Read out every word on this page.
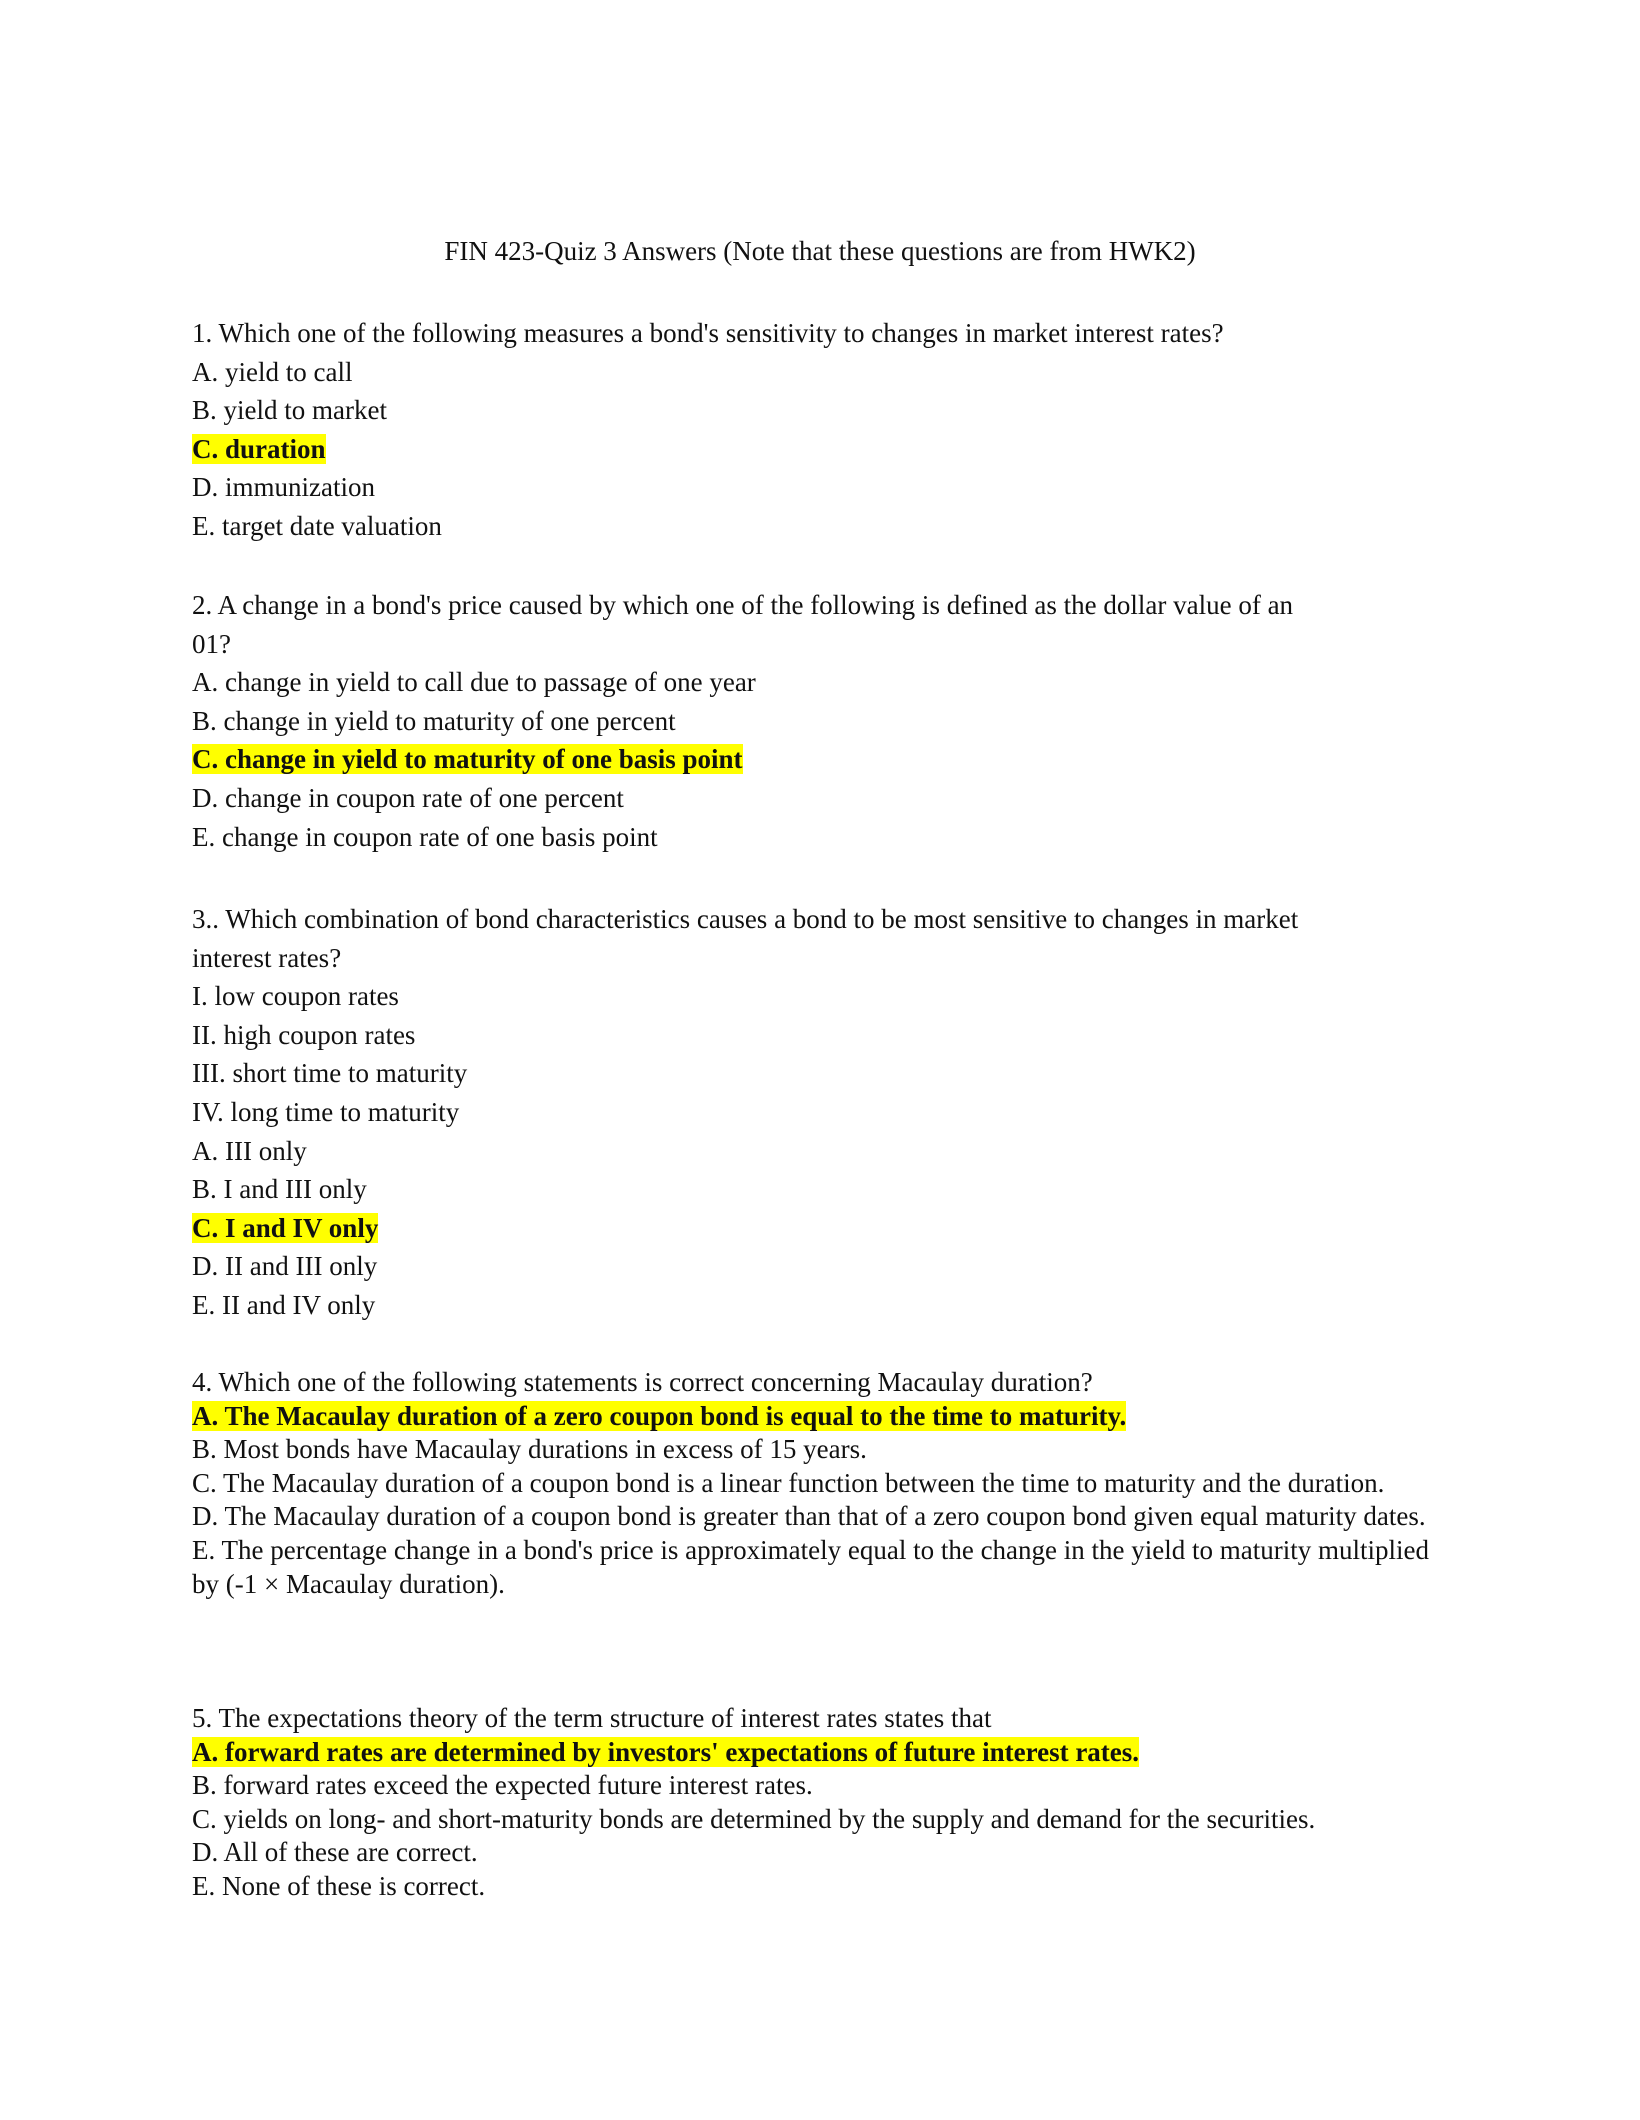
FIN 423-Quiz 3 Answers (Note that these questions are from HWK2)
1. Which one of the following measures a bond's sensitivity to changes in market interest rates?
A. yield to call
B. yield to market
C. duration
D. immunization
E. target date valuation
2. A change in a bond's price caused by which one of the following is defined as the dollar value of an
01?
A. change in yield to call due to passage of one year
B. change in yield to maturity of one percent
C. change in yield to maturity of one basis point
D. change in coupon rate of one percent
E. change in coupon rate of one basis point
3.. Which combination of bond characteristics causes a bond to be most sensitive to changes in market
interest rates?
I. low coupon rates
II. high coupon rates
III. short time to maturity
IV. long time to maturity
A. III only
B. I and III only
C. I and IV only
D. II and III only
E. II and IV only
4. Which one of the following statements is correct concerning Macaulay duration?
A. The Macaulay duration of a zero coupon bond is equal to the time to maturity.
B. Most bonds have Macaulay durations in excess of 15 years.
C. The Macaulay duration of a coupon bond is a linear function between the time to maturity and the duration.
D. The Macaulay duration of a coupon bond is greater than that of a zero coupon bond given equal maturity dates.
E. The percentage change in a bond's price is approximately equal to the change in the yield to maturity multiplied by (-1 × Macaulay duration).
5. The expectations theory of the term structure of interest rates states that
A. forward rates are determined by investors' expectations of future interest rates.
B. forward rates exceed the expected future interest rates.
C. yields on long- and short-maturity bonds are determined by the supply and demand for the securities.
D. All of these are correct.
E. None of these is correct.
